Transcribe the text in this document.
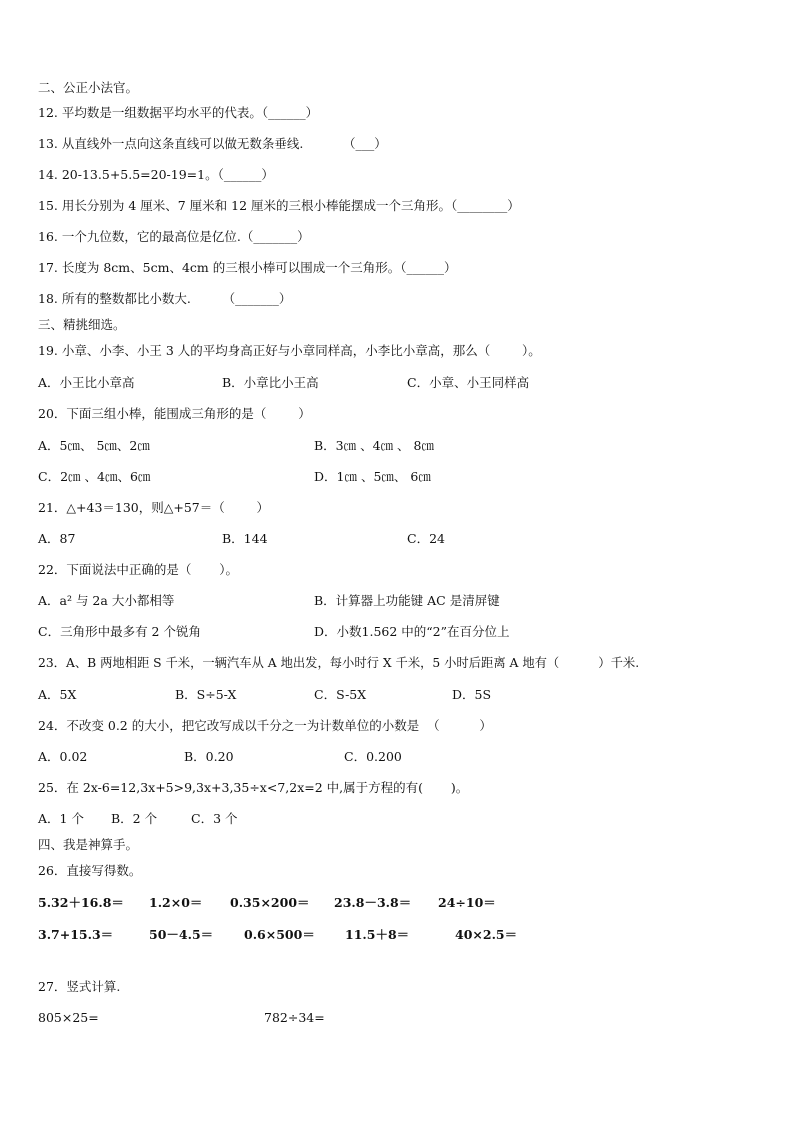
二、公正小法官。
12. 平均数是一组数据平均水平的代表。（______）
13. 从直线外一点向这条直线可以做无数条垂线.          （___）
14. 20-13.5+5.5=20-19=1。（______）
15. 用长分别为 4 厘米、7 厘米和 12 厘米的三根小棒能摆成一个三角形。（________）
16. 一个九位数，它的最高位是亿位.（_______）
17. 长度为 8cm、5cm、4cm 的三根小棒可以围成一个三角形。（______）
18. 所有的整数都比小数大.        （_______）
三、精挑细选。
19. 小章、小李、小王 3 人的平均身高正好与小章同样高，小李比小章高，那么（        ）。
A．小王比小章高	B．小章比小王高	C．小章、小王同样高
20．下面三组小棒，能围成三角形的是（        ）
A．5㎝、 5㎝、2㎝	B．3㎝ 、4㎝ 、 8㎝
C．2㎝ 、4㎝、6㎝	D．1㎝ 、5㎝、 6㎝
21．△+43＝130，则△+57＝（        ）
A．87	B．144	C．24
22．下面说法中正确的是（       ）。
A．a² 与 2a 大小都相等	B．计算器上功能键 AC 是清屏键
C．三角形中最多有 2 个锐角	D．小数1.562 中的“2”在百分位上
23．A、B 两地相距 S 千米，一辆汽车从 A 地出发，每小时行 X 千米，5 小时后距离 A 地有（          ）千米.
A．5X	B．S÷5-X	C．S-5X	D．5S
24．不改变 0.2 的大小，把它改写成以千分之一为计数单位的小数是  （          ）
A．0.02	B．0.20	C．0.200
25．在 2x-6=12,3x+5>9,3x+3,35÷x<7,2x=2 中,属于方程的有(       )。
A．1 个 B．2 个	C．3 个
四、我是神算手。
26．直接写得数。
5.32＋16.8＝ 1.2×0＝ 0.35×200＝ 23.8－3.8＝ 24÷10＝
3.7+15.3＝	50－4.5＝ 0.6×500＝ 11.5＋8＝	40×2.5＝
27．竖式计算.
805×25=	782÷34=
